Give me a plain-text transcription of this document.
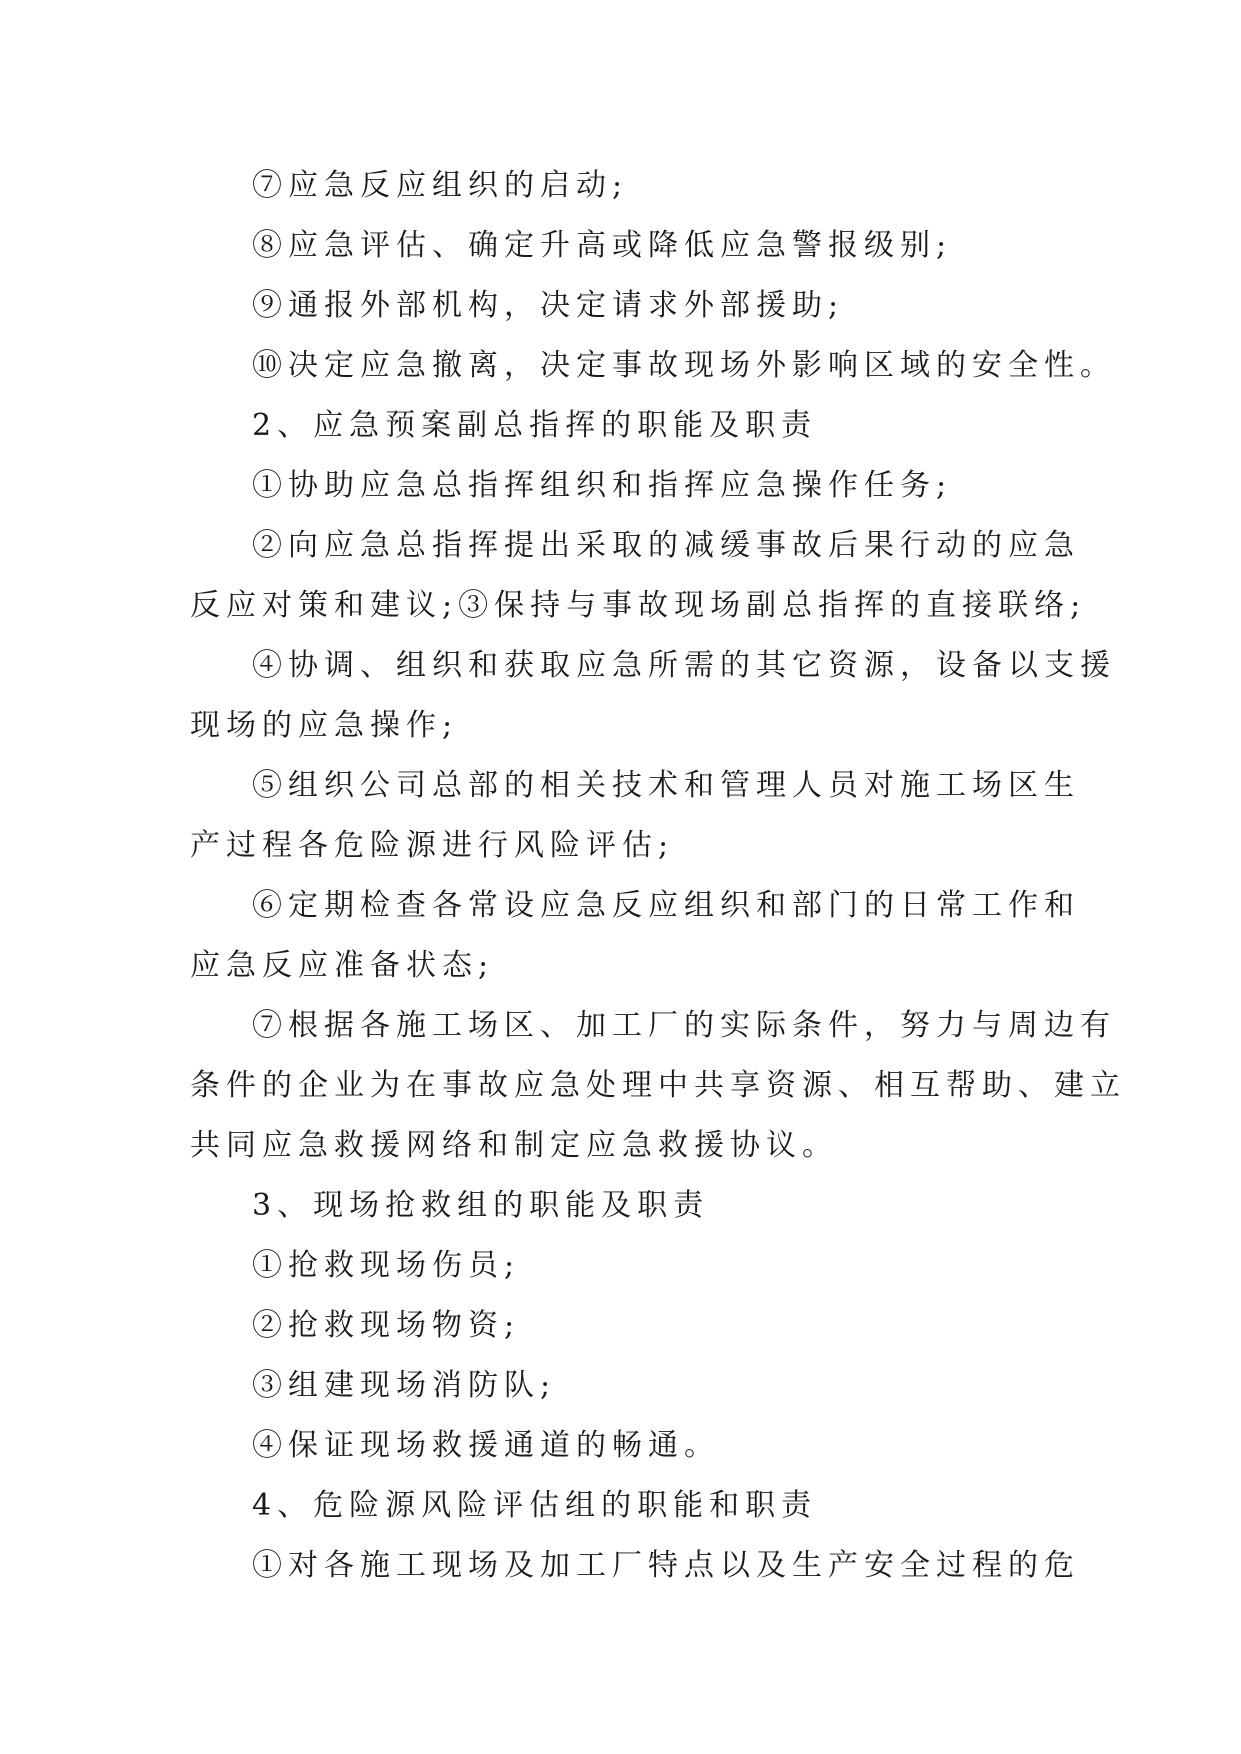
⑦应急反应组织的启动;
⑧应急评估、确定升高或降低应急警报级别;
⑨通报外部机构，决定请求外部援助;
⑩决定应急撤离，决定事故现场外影响区域的安全性。
2、应急预案副总指挥的职能及职责
①协助应急总指挥组织和指挥应急操作任务;
②向应急总指挥提出采取的减缓事故后果行动的应急
反应对策和建议;③保持与事故现场副总指挥的直接联络;
④协调、组织和获取应急所需的其它资源，设备以支援
现场的应急操作;
⑤组织公司总部的相关技术和管理人员对施工场区生
产过程各危险源进行风险评估;
⑥定期检查各常设应急反应组织和部门的日常工作和
应急反应准备状态;
⑦根据各施工场区、加工厂的实际条件，努力与周边有
条件的企业为在事故应急处理中共享资源、相互帮助、建立
共同应急救援网络和制定应急救援协议。
3、现场抢救组的职能及职责
①抢救现场伤员;
②抢救现场物资;
③组建现场消防队;
④保证现场救援通道的畅通。
4、危险源风险评估组的职能和职责
①对各施工现场及加工厂特点以及生产安全过程的危
